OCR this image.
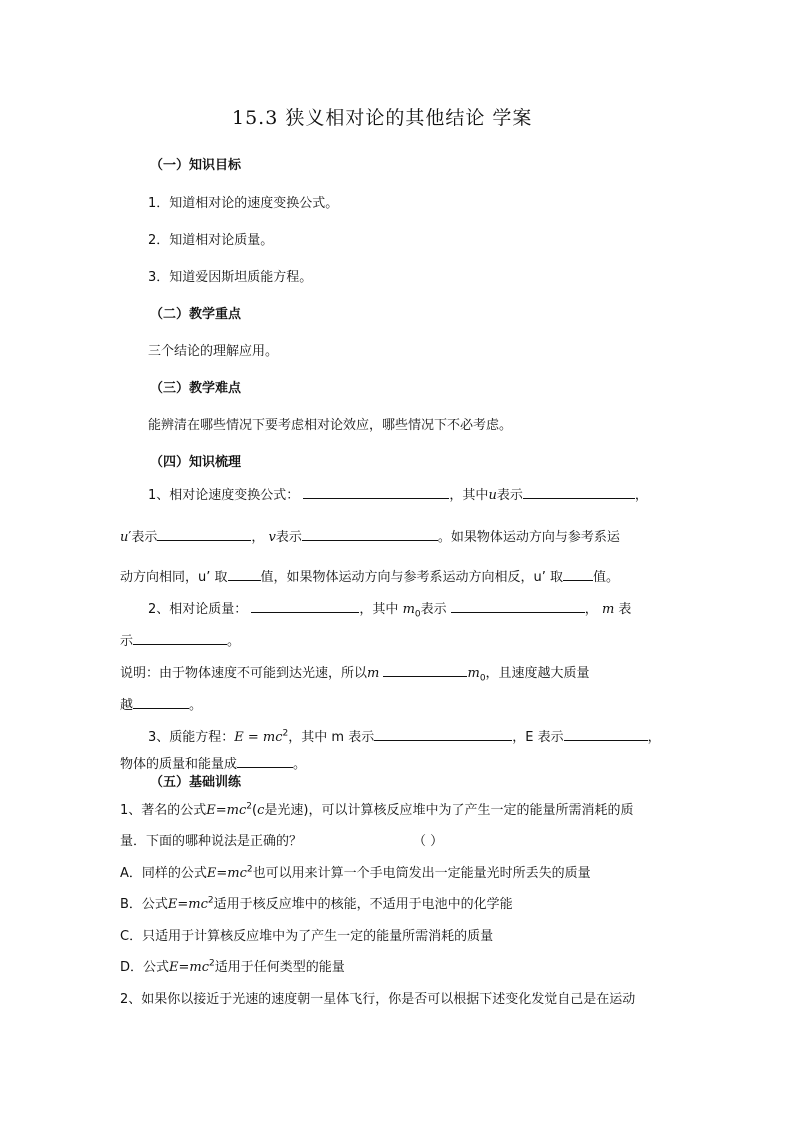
15.3 狭义相对论的其他结论 学案
（一）知识目标
1．知道相对论的速度变换公式。
2．知道相对论质量。
3．知道爱因斯坦质能方程。
（二）教学重点
三个结论的理解应用。
（三）教学难点
能辨清在哪些情况下要考虑相对论效应，哪些情况下不必考虑。
（四）知识梳理
1、相对论速度变换公式：	，其中u表示	，
u′表示	， v表示	。如果物体运动方向与参考系运
动方向相同，u’ 取	值，如果物体运动方向与参考系运动方向相反，u’ 取 值。
2、相对论质量：	，其中 $m_0$表示	， m 表
示	。
说明：由于物体速度不可能到达光速，所以m	$m_0$，且速度越大质量
越	。
3、质能方程：$E = mc^2$，其中 m 表示	，E 表示	，
物体的质量和能量成	。
（五）基础训练
1、著名的公式$E=mc^2(c$是光速)，可以计算核反应堆中为了产生一定的能量所需消耗的质
量．下面的哪种说法是正确的？	（ ）
A．同样的公式$E=mc^2$也可以用来计算一个手电筒发出一定能量光时所丢失的质量
B．公式$E=mc^2$适用于核反应堆中的核能，不适用于电池中的化学能
C．只适用于计算核反应堆中为了产生一定的能量所需消耗的质量
D．公式$E=mc^2$适用于任何类型的能量
2、如果你以接近于光速的速度朝一星体飞行，你是否可以根据下述变化发觉自己是在运动
